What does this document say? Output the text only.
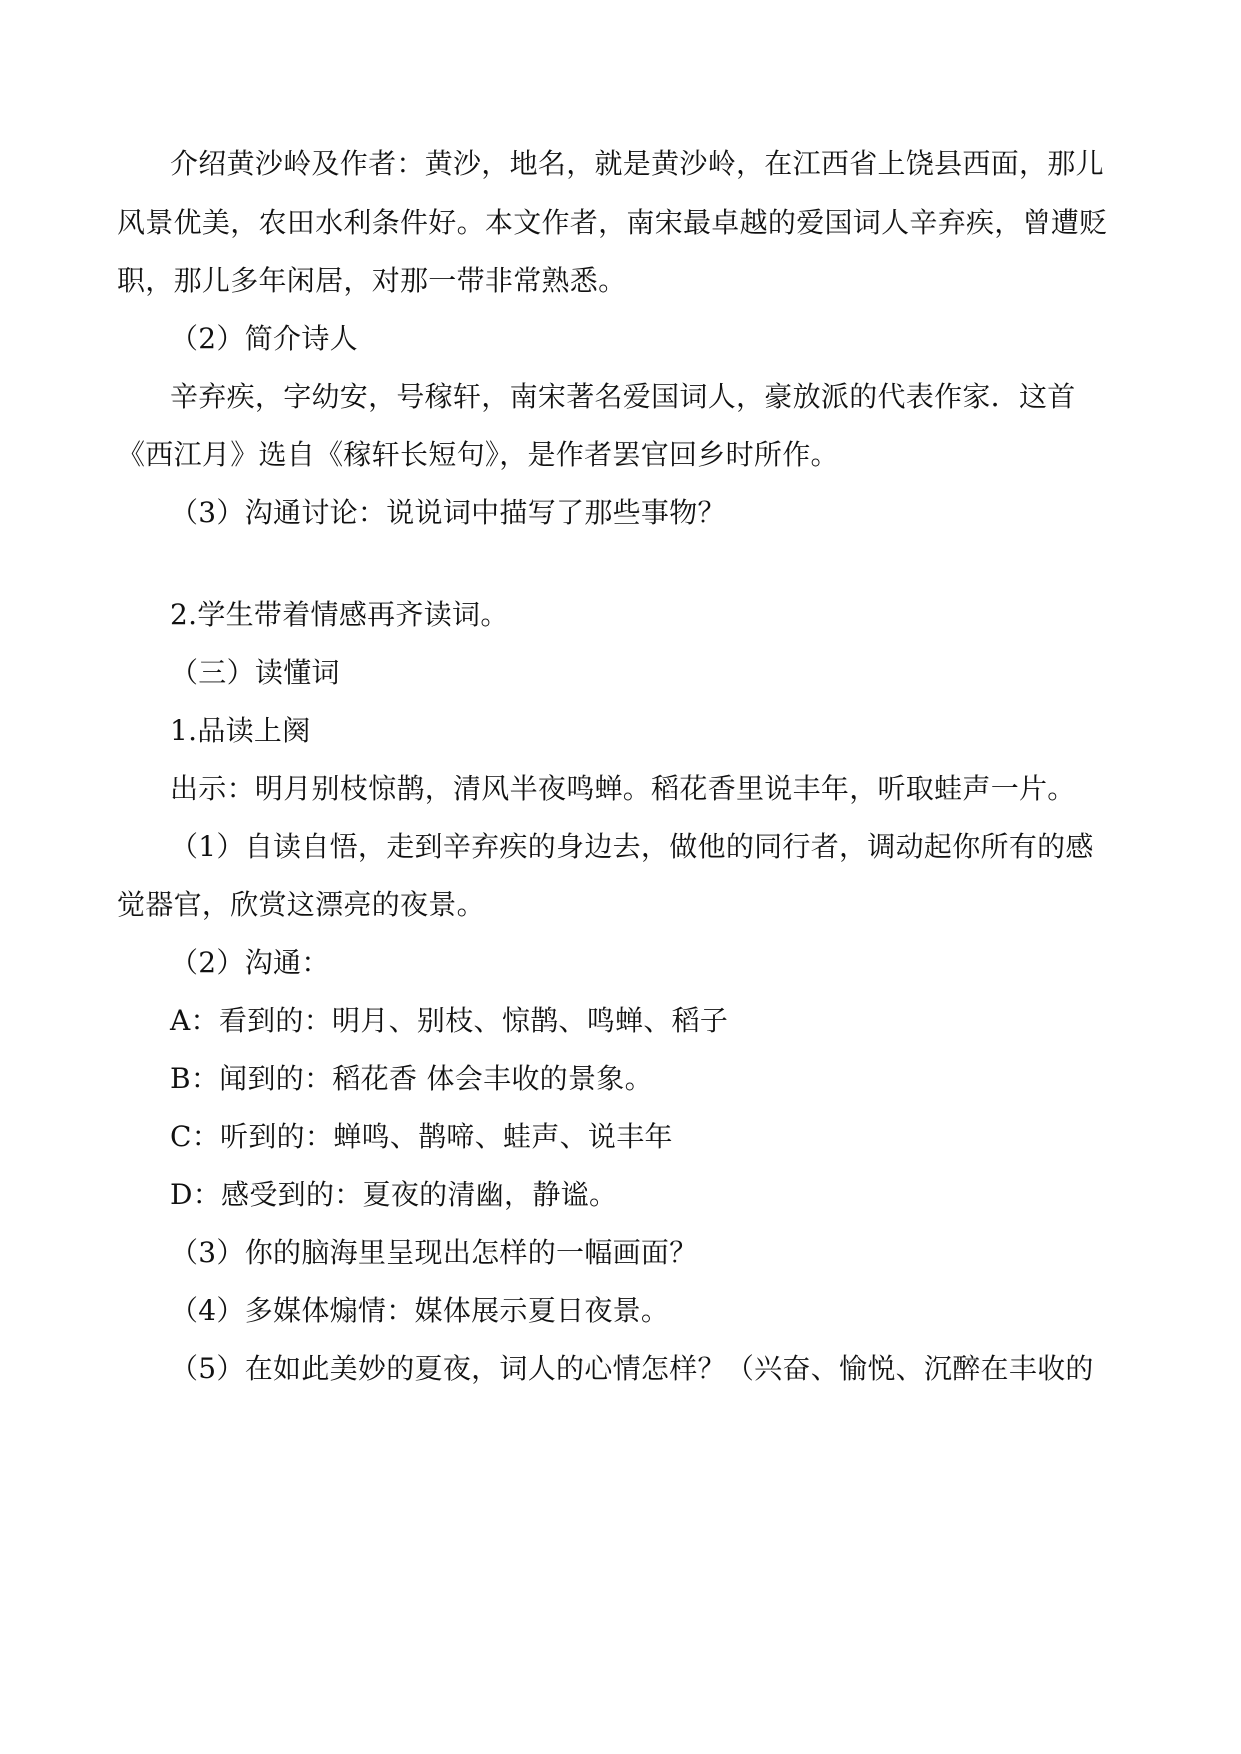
介绍黄沙岭及作者：黄沙，地名，就是黄沙岭，在江西省上饶县西面，那儿
风景优美，农田水利条件好。本文作者，南宋最卓越的爱国词人辛弃疾，曾遭贬
职，那儿多年闲居，对那一带非常熟悉。
（2）简介诗人
辛弃疾，字幼安，号稼轩，南宋著名爱国词人，豪放派的代表作家．这首
《西江月》选自《稼轩长短句》，是作者罢官回乡时所作。
（3）沟通讨论：说说词中描写了那些事物？
2.学生带着情感再齐读词。
（三）读懂词
1.品读上阕
出示：明月别枝惊鹊，清风半夜鸣蝉。稻花香里说丰年，听取蛙声一片。
（1）自读自悟，走到辛弃疾的身边去，做他的同行者，调动起你所有的感
觉器官，欣赏这漂亮的夜景。
（2）沟通：
A：看到的：明月、别枝、惊鹊、鸣蝉、稻子
B：闻到的：稻花香 体会丰收的景象。
C：听到的：蝉鸣、鹊啼、蛙声、说丰年
D：感受到的：夏夜的清幽，静谧。
（3）你的脑海里呈现出怎样的一幅画面？
（4）多媒体煽情：媒体展示夏日夜景。
（5）在如此美妙的夏夜，词人的心情怎样？（兴奋、愉悦、沉醉在丰收的
